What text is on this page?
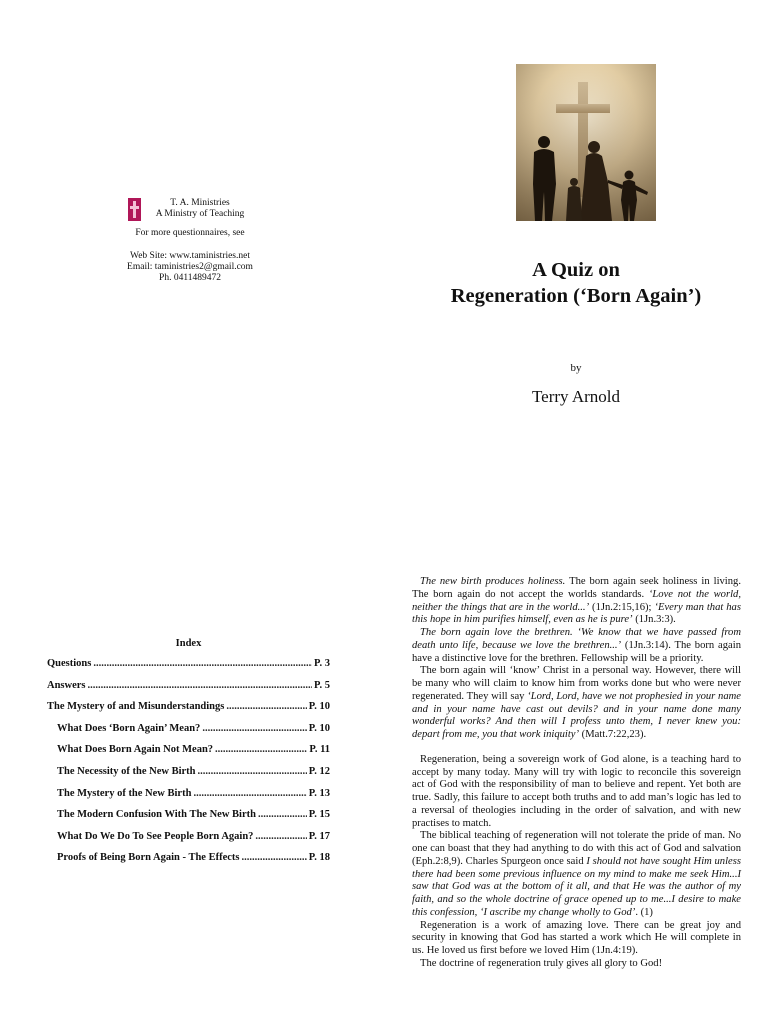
T. A. Ministries
A Ministry of Teaching
For more questionnaires, see
Web Site: www.taministries.net
Email: taministries2@gmail.com
Ph. 0411489472	A Quiz on
Regeneration (‘Born Again’)
by
Terry Arnold
Index
Questions .....	P. 3
Answers .....	P. 5
The Mystery of and Misunderstandings .....	P. 10
What Does ‘Born Again’ Mean? .....	P. 10
What Does Born Again Not Mean? .....	P. 11
The Necessity of the New Birth .....	P. 12
The Mystery of the New Birth .....	P. 13
The Modern Confusion With The New Birth .....	P. 15
What Do We Do To See People Born Again? .....	P. 17
Proofs of Being Born Again - The Effects .....	P. 18

The new birth produces holiness. The born again seek holiness in living. The born again do not accept the worlds standards. ‘Love not the world, neither the things that are in the world...’ (1Jn.2:15,16); ‘Every man that has this hope in him purifies himself, even as he is pure’ (1Jn.3:3).

The born again love the brethren. ‘We know that we have passed from death unto life, because we love the brethren...’ (1Jn.3:14). The born again have a distinctive love for the brethren. Fellowship will be a priority.

The born again will ‘know’ Christ in a personal way. However, there will be many who will claim to know him from works done but who were never regenerated. They will say ‘Lord, Lord, have we not prophesied in your name and in your name have cast out devils? and in your name done many wonderful works? And then will I profess unto them, I never knew you: depart from me, you that work iniquity’ (Matt.7:22,23).

Regeneration, being a sovereign work of God alone, is a teaching hard to accept by many today. Many will try with logic to reconcile this sovereign act of God with the responsibility of man to believe and repent. Yet both are true. Sadly, this failure to accept both truths and to add man’s logic has led to a reversal of theologies including in the order of salvation, and with new practises to match.

The biblical teaching of regeneration will not tolerate the pride of man. No one can boast that they had anything to do with this act of God and salvation (Eph.2:8,9). Charles Spurgeon once said I should not have sought Him unless there had been some previous influence on my mind to make me seek Him...I saw that God was at the bottom of it all, and that He was the author of my faith, and so the whole doctrine of grace opened up to me...I desire to make this confession, ‘I ascribe my change wholly to God’. (1)

Regeneration is a work of amazing love. There can be great joy and security in knowing that God has started a work which He will complete in us. He loved us first before we loved Him (1Jn.4:19).

The doctrine of regeneration truly gives all glory to God!
